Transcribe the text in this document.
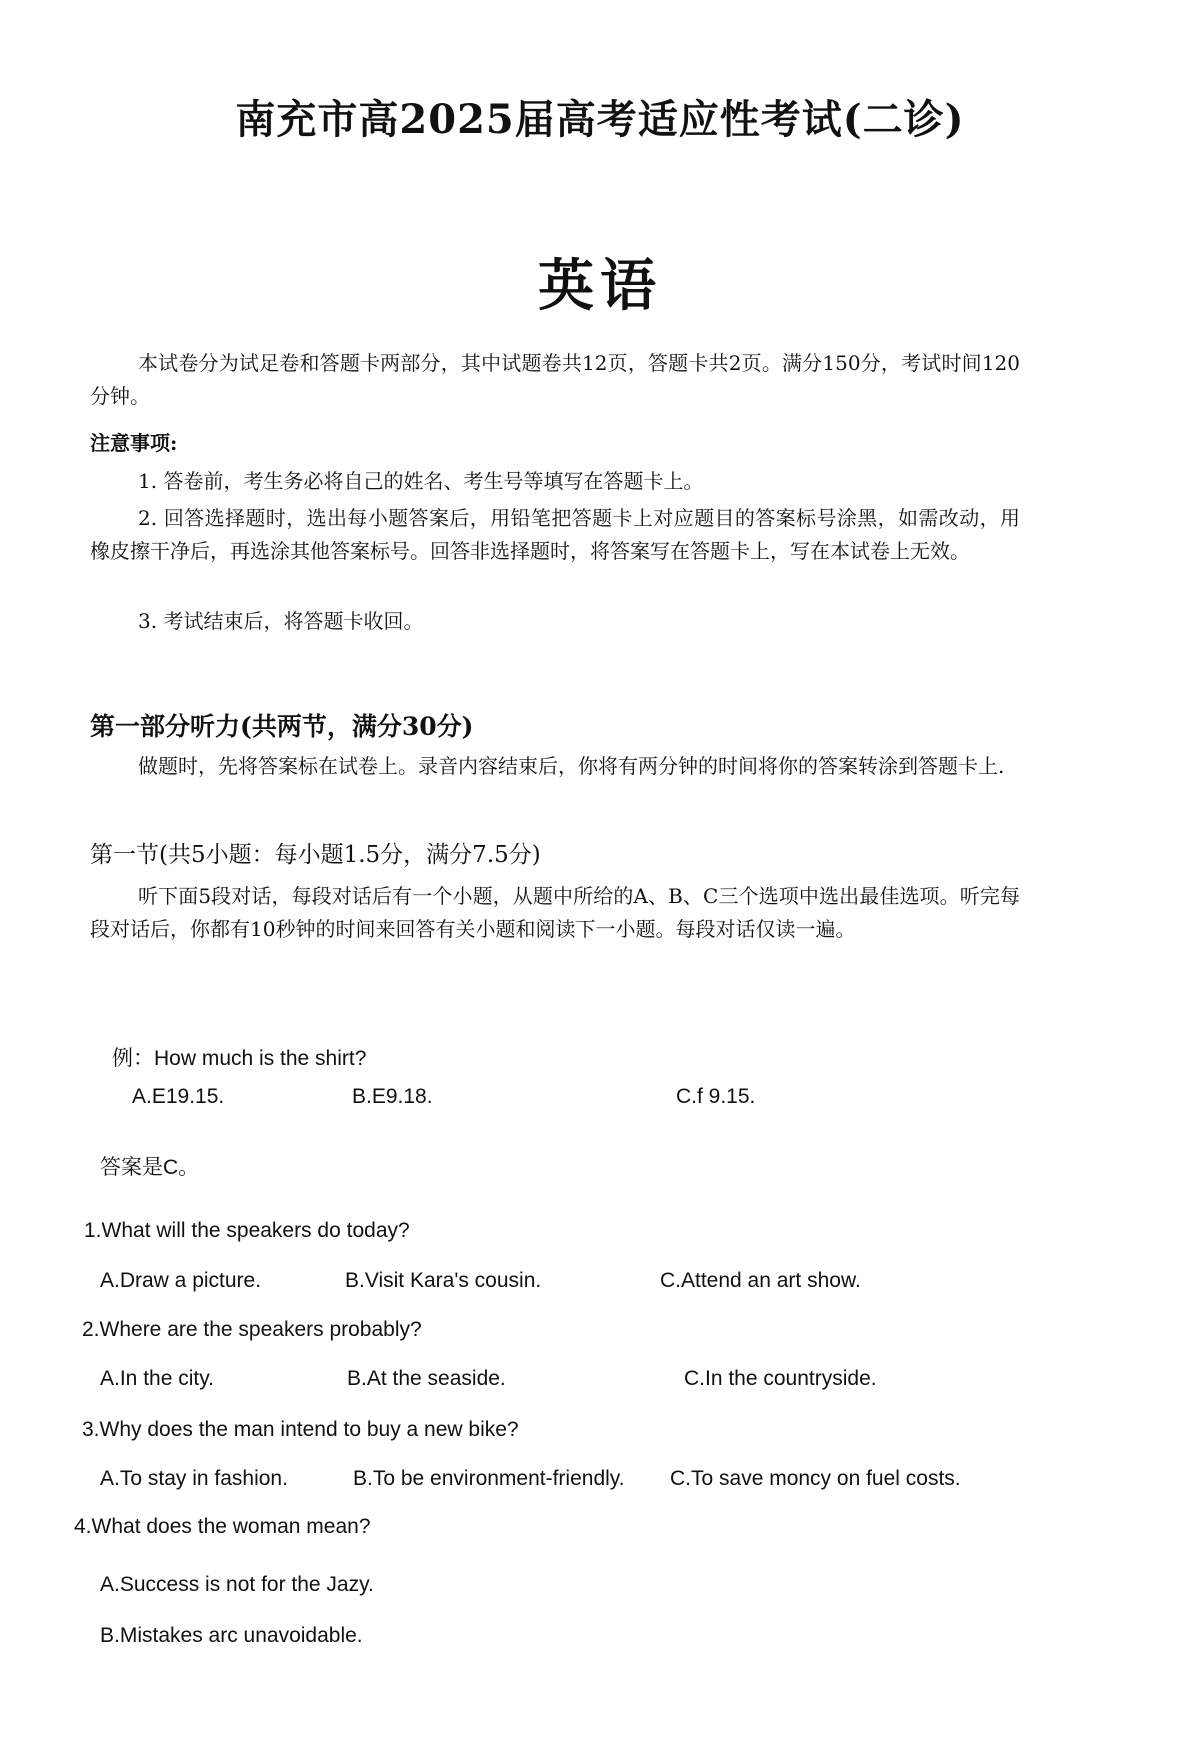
南充市高2025届高考适应性考试(二诊)
英语
本试卷分为试足卷和答题卡两部分，其中试题卷共12页，答题卡共2页。满分150分，考试时间120分钟。
注意事项:
1. 答卷前，考生务必将自己的姓名、考生号等填写在答题卡上。
2. 回答选择题时，选出每小题答案后，用铅笔把答题卡上对应题目的答案标号涂黑，如需改动，用橡皮擦干净后，再选涂其他答案标号。回答非选择题时，将答案写在答题卡上，写在本试卷上无效。
3. 考试结束后，将答题卡收回。
第一部分听力(共两节，满分30分)
做题时，先将答案标在试卷上。录音内容结束后，你将有两分钟的时间将你的答案转涂到答题卡上.
第一节(共5小题：每小题1.5分，满分7.5分)
听下面5段对话，每段对话后有一个小题，从题中所给的A、B、C三个选项中选出最佳选项。听完每段对话后，你都有10秒钟的时间来回答有关小题和阅读下一小题。每段对话仅读一遍。
例：How much is the shirt?
A.E19.15.	B.E9.18.	C.f 9.15.
答案是C。
1.What will the speakers do today?
A.Draw a picture.	B.Visit Kara's cousin.	C.Attend an art show.
2.Where are the speakers probably?
A.In the city.	B.At the seaside.	C.In the countryside.
3.Why does the man intend to buy a new bike?
A.To stay in fashion.	B.To be environment-friendly. C.To save moncy on fuel costs.
4.What does the woman mean?
A.Success is not for the Jazy.
B.Mistakes arc unavoidable.
